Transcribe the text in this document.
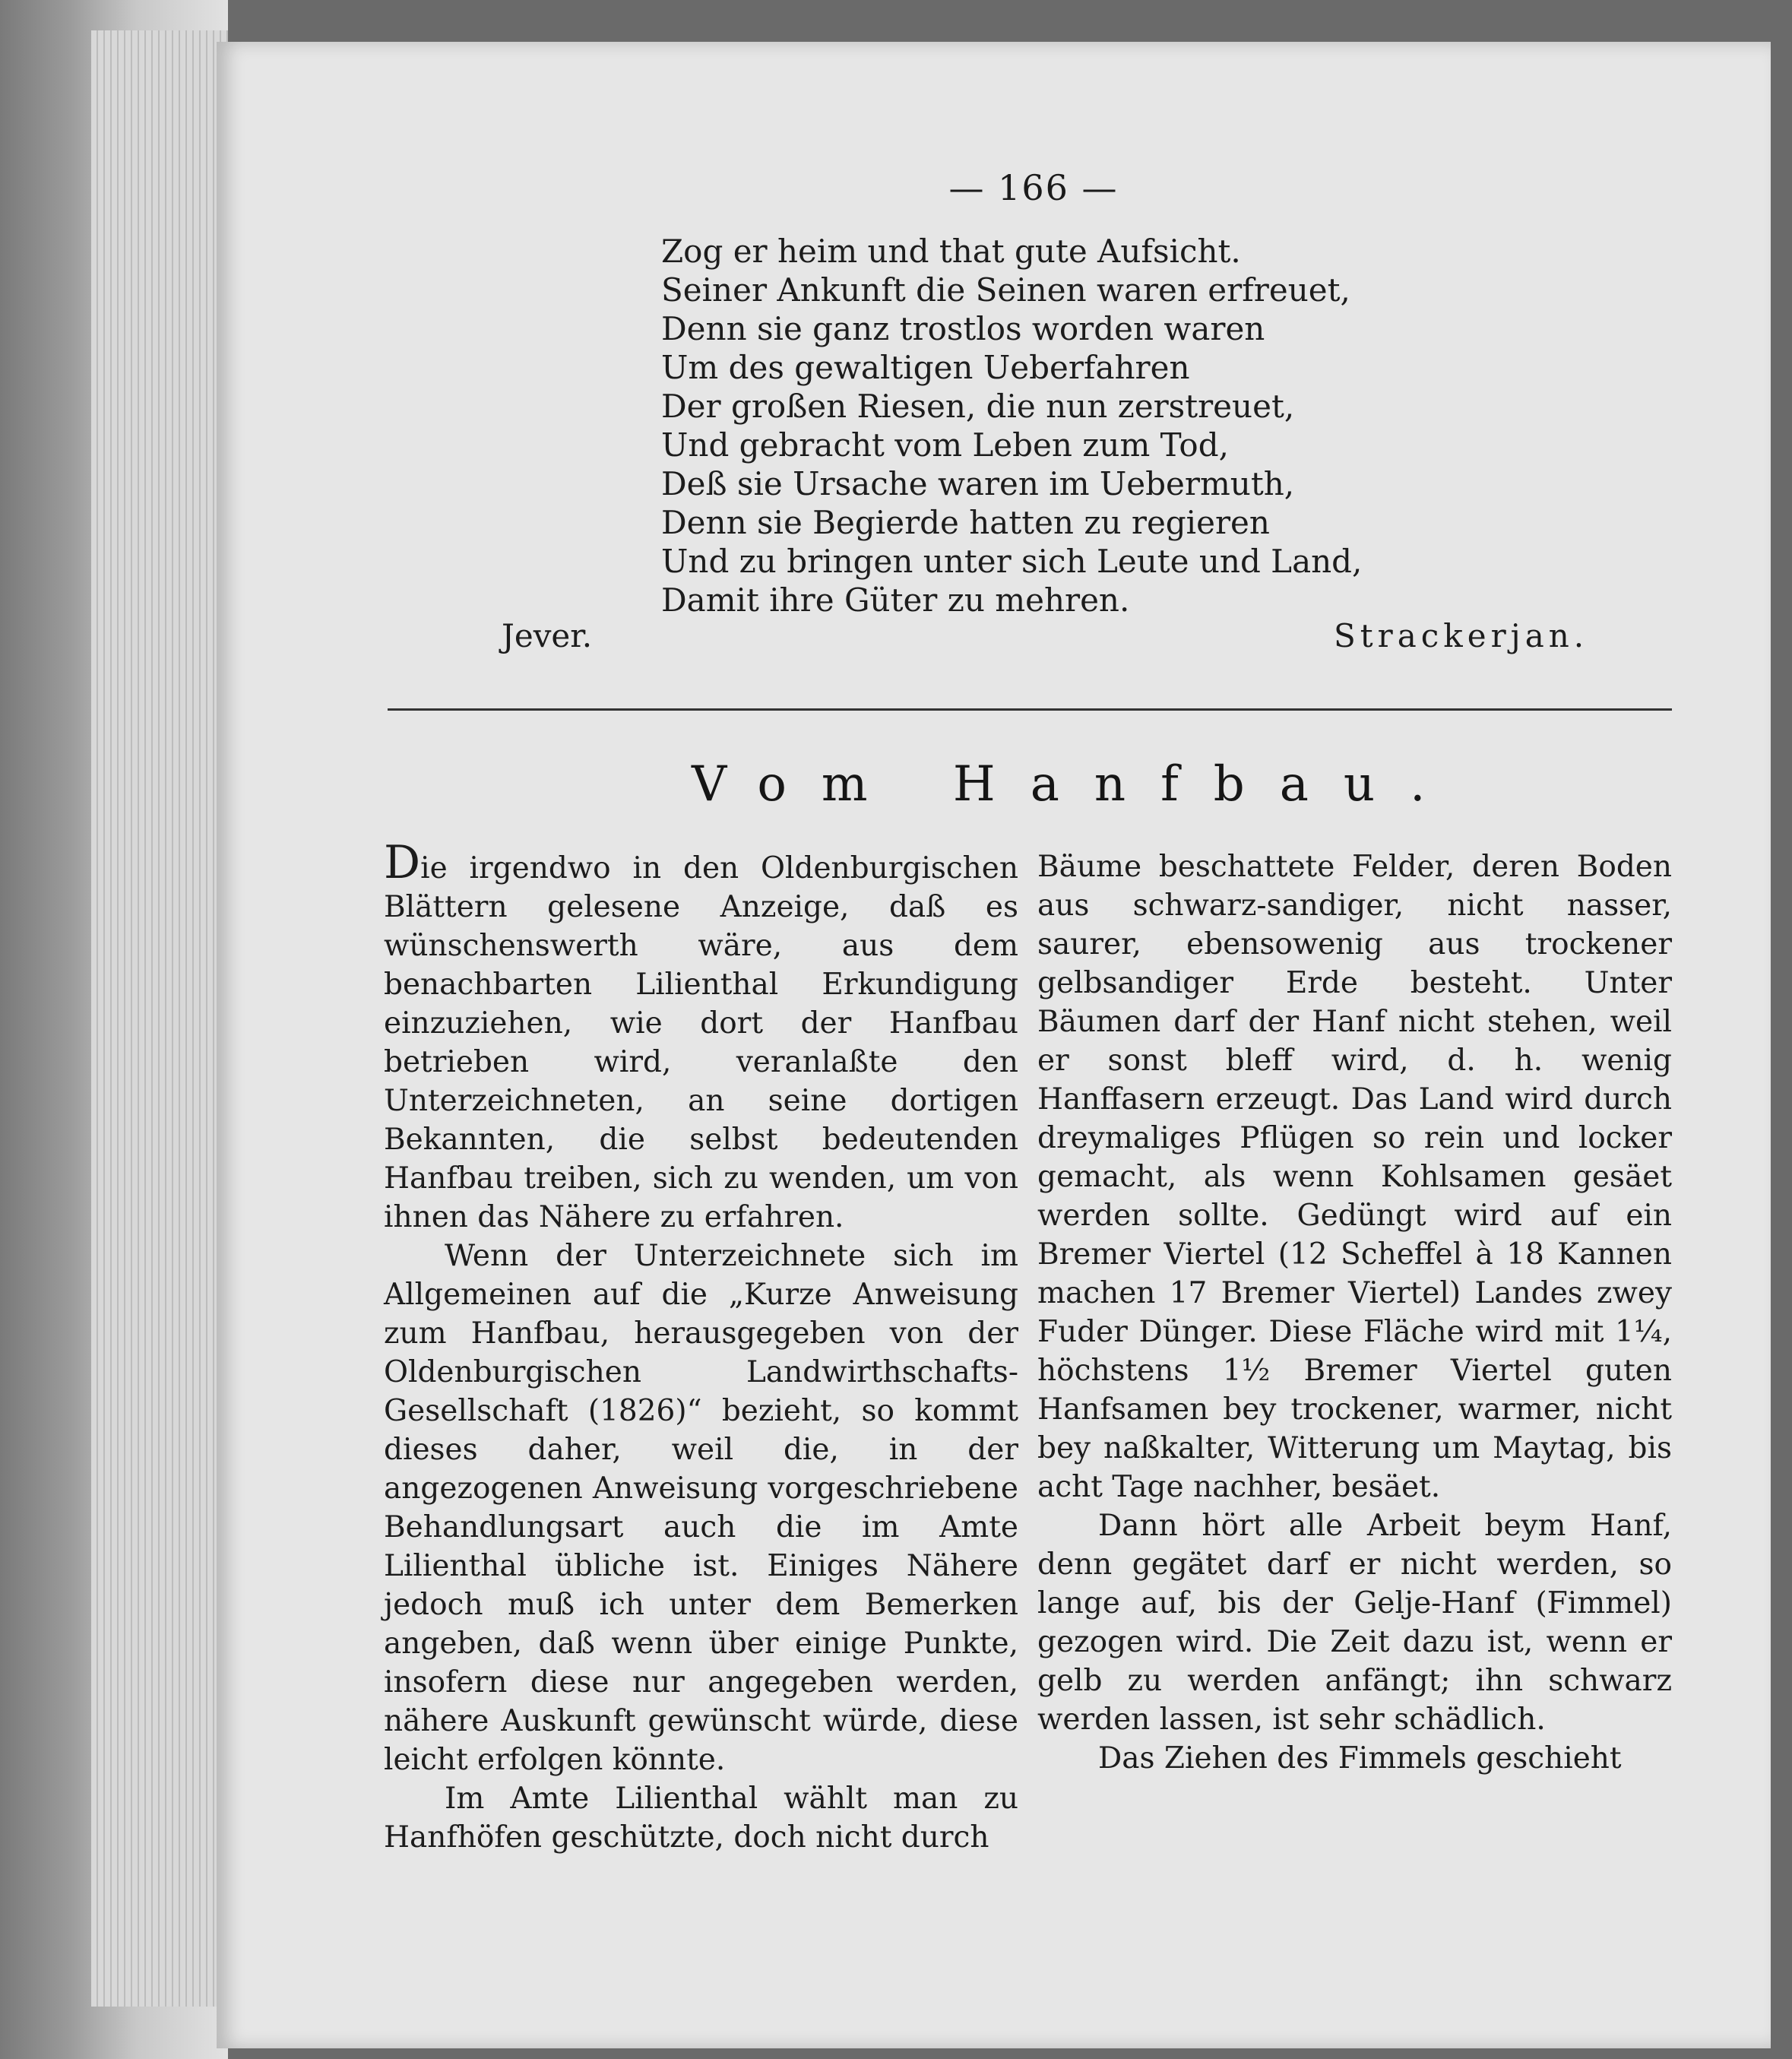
— 166 —
Zog er heim und that gute Aufsicht.
Seiner Ankunft die Seinen waren erfreuet,
Denn sie ganz trostlos worden waren
Um des gewaltigen Ueberfahren
Der großen Riesen, die nun zerstreuet,
Und gebracht vom Leben zum Tod,
Deß sie Ursache waren im Uebermuth,
Denn sie Begierde hatten zu regieren
Und zu bringen unter sich Leute und Land,
Damit ihre Güter zu mehren.
Jever.	Strackerjan.
Vom Hanfbau.

Die irgendwo in den Oldenburgischen Blättern gelesene Anzeige, daß es wünschenswerth wäre, aus dem benachbarten Lilienthal Erkundigung einzuziehen, wie dort der Hanfbau betrieben wird, veranlaßte den Unterzeichneten, an seine dortigen Bekannten, die selbst bedeutenden Hanfbau treiben, sich zu wenden, um von ihnen das Nähere zu erfahren.

Wenn der Unterzeichnete sich im Allgemeinen auf die „Kurze Anweisung zum Hanfbau, herausgegeben von der Oldenburgischen Landwirthschafts-Gesellschaft (1826)“ bezieht, so kommt dieses daher, weil die, in der angezogenen Anweisung vorgeschriebene Behandlungsart auch die im Amte Lilienthal übliche ist. Einiges Nähere jedoch muß ich unter dem Bemerken angeben, daß wenn über einige Punkte, insofern diese nur angegeben werden, nähere Auskunft gewünscht würde, diese leicht erfolgen könnte.

Im Amte Lilienthal wählt man zu Hanfhöfen geschützte, doch nicht durch

Bäume beschattete Felder, deren Boden aus schwarz-sandiger, nicht nasser, saurer, ebensowenig aus trockener gelbsandiger Erde besteht. Unter Bäumen darf der Hanf nicht stehen, weil er sonst bleff wird, d. h. wenig Hanffasern erzeugt. Das Land wird durch dreymaliges Pflügen so rein und locker gemacht, als wenn Kohlsamen gesäet werden sollte. Gedüngt wird auf ein Bremer Viertel (12 Scheffel à 18 Kannen machen 17 Bremer Viertel) Landes zwey Fuder Dünger. Diese Fläche wird mit 1¼, höchstens 1½ Bremer Viertel guten Hanfsamen bey trockener, warmer, nicht bey naßkalter, Witterung um Maytag, bis acht Tage nachher, besäet.

Dann hört alle Arbeit beym Hanf, denn gegätet darf er nicht werden, so lange auf, bis der Gelje-Hanf (Fimmel) gezogen wird. Die Zeit dazu ist, wenn er gelb zu werden anfängt; ihn schwarz werden lassen, ist sehr schädlich.

Das Ziehen des Fimmels geschieht
